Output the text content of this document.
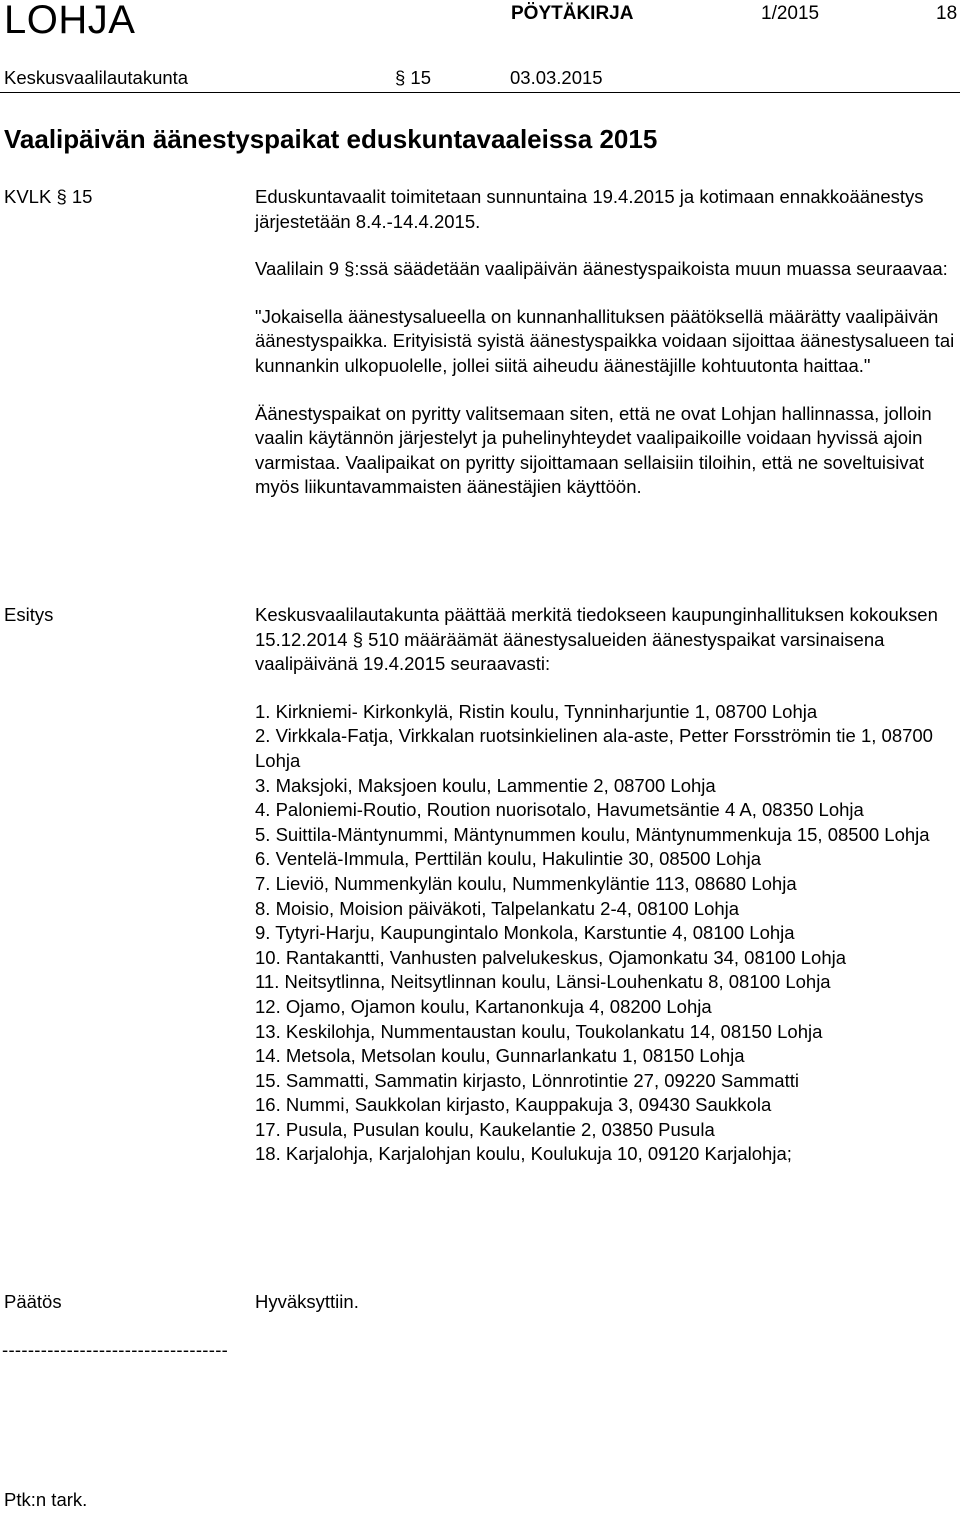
LOHJA	PÖYTÄKIRJA	1/2015	18
Keskusvaalilautakunta	§ 15	03.03.2015
Vaalipäivän äänestyspaikat eduskuntavaaleissa 2015
KVLK § 15	Eduskuntavaalit toimitetaan sunnuntaina 19.4.2015 ja kotimaan ennakkoäänestys järjestetään 8.4.-14.4.2015.

Vaalilain 9 §:ssä säädetään vaalipäivän äänestyspaikoista muun muassa seuraavaa:

"Jokaisella äänestysalueella on kunnanhallituksen päätöksellä määrätty vaalipäivän äänestyspaikka. Erityisistä syistä äänestyspaikka voidaan sijoittaa äänestysalueen tai kunnankin ulkopuolelle, jollei siitä aiheudu äänestäjille kohtuutonta haittaa."

Äänestyspaikat on pyritty valitsemaan siten, että ne ovat Lohjan hallinnassa, jolloin vaalin käytännön järjestelyt ja puhelinyhteydet vaalipaikoille voidaan hyvissä ajoin varmistaa. Vaalipaikat on pyritty sijoittamaan sellaisiin tiloihin, että ne soveltuisivat myös liikuntavammaisten äänestäjien käyttöön.

Esitys	Keskusvaalilautakunta päättää merkitä tiedokseen kaupunginhallituksen kokouksen 15.12.2014 § 510 määräämät äänestysalueiden äänestyspaikat varsinaisena vaalipäivänä 19.4.2015 seuraavasti:

1. Kirkniemi- Kirkonkylä, Ristin koulu, Tynninharjuntie 1, 08700 Lohja
2. Virkkala-Fatja, Virkkalan ruotsinkielinen ala-aste, Petter Forsströmin tie 1, 08700 Lohja
3. Maksjoki, Maksjoen koulu, Lammentie 2, 08700 Lohja
4. Paloniemi-Routio, Roution nuorisotalo, Havumetsäntie 4 A, 08350 Lohja
5. Suittila-Mäntynummi, Mäntynummen koulu, Mäntynummenkuja 15, 08500 Lohja
6. Ventelä-Immula, Perttilän koulu, Hakulintie 30, 08500 Lohja
7. Lieviö, Nummenkylän koulu, Nummenkyläntie 113, 08680 Lohja
8. Moisio, Moision päiväkoti, Talpelankatu 2-4, 08100 Lohja
9. Tytyri-Harju, Kaupungintalo Monkola, Karstuntie 4, 08100 Lohja
10. Rantakantti, Vanhusten palvelukeskus, Ojamonkatu 34, 08100 Lohja
11. Neitsytlinna, Neitsytlinnan koulu, Länsi-Louhenkatu 8, 08100 Lohja
12. Ojamo, Ojamon koulu, Kartanonkuja 4, 08200 Lohja
13. Keskilohja, Nummentaustan koulu, Toukolankatu 14, 08150 Lohja
14. Metsola, Metsolan koulu, Gunnarlankatu 1, 08150 Lohja
15. Sammatti, Sammatin kirjasto, Lönnrotintie 27, 09220 Sammatti
16. Nummi, Saukkolan kirjasto, Kauppakuja 3, 09430 Saukkola
17. Pusula, Pusulan koulu, Kaukelantie 2, 03850 Pusula
18. Karjalohja, Karjalohjan koulu, Koulukuja 10, 09120 Karjalohja;
Päätös	Hyväksyttiin.
-----------------------------------
Ptk:n tark.
